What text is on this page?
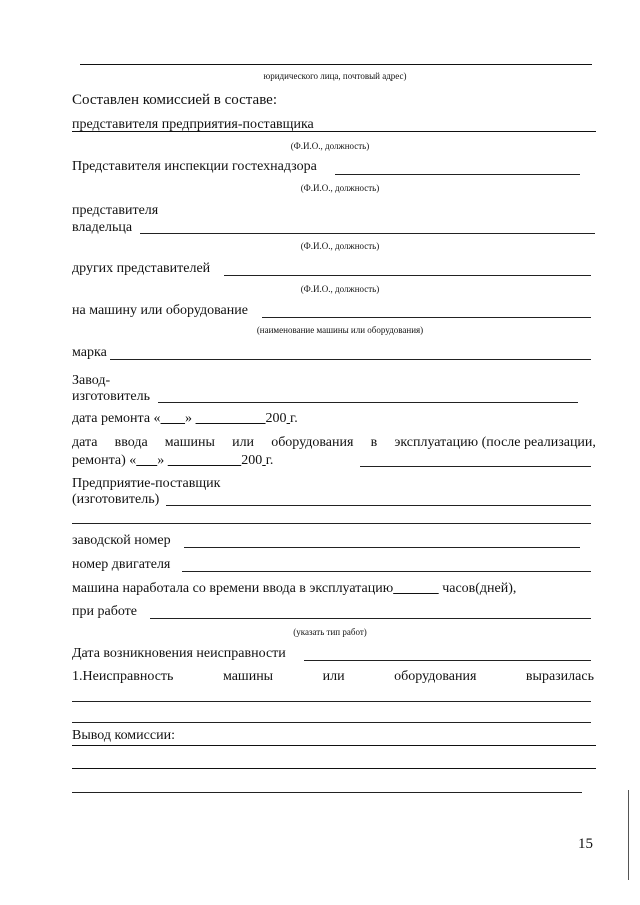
юридического лица, почтовый адрес)
Составлен комиссией в составе:
представителя предприятия-поставщика
(Ф.И.О., должность)
Представителя инспекции гостехнадзора
(Ф.И.О., должность)
представителя
владельца
(Ф.И.О., должность)
других представителей
(Ф.И.О., должность)
на машину или оборудование
(наименование машины или оборудования)
марка
Завод-
изготовитель
дата ремонта « »	200 г.
дата ввода машины или оборудования в эксплуатацию (после реализации,
ремонта) « »	200 г.
Предприятие-поставщик
(изготовитель)
заводской номер
номер двигателя
машина наработала со времени ввода в эксплуатацию	часов(дней),
при работе
(указать тип работ)
Дата возникновения неисправности
1.Неисправность	машины	или	оборудования	выразилась
Вывод комиссии:
15
